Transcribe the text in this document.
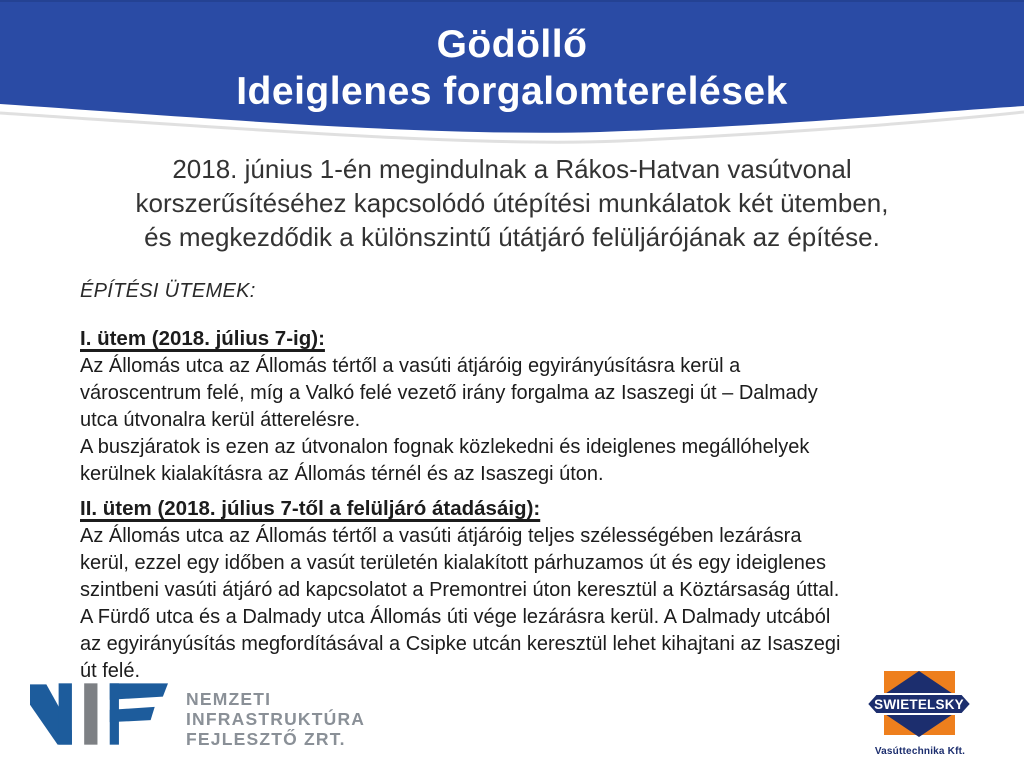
Gödöllő
Ideiglenes forgalomterelések
2018. június 1-én megindulnak a Rákos-Hatvan vasútvonal
korszerűsítéséhez kapcsolódó útépítési munkálatok két ütemben,
és megkezdődik a különszintű útátjáró felüljárójának az építése.
ÉPÍTÉSI ÜTEMEK:
I. ütem (2018. július 7-ig):
Az Állomás utca az Állomás tértől a vasúti átjáróig egyirányúsításra kerül a
városcentrum felé, míg a Valkó felé vezető irány forgalma az Isaszegi út – Dalmady
utca útvonalra kerül átterelésre.
A buszjáratok is ezen az útvonalon fognak közlekedni és ideiglenes megállóhelyek
kerülnek kialakításra az Állomás térnél és az Isaszegi úton.
II. ütem (2018. július 7-től a felüljáró átadásáig):
Az Állomás utca az Állomás tértől a vasúti átjáróig teljes szélességében lezárásra
kerül, ezzel egy időben a vasút területén kialakított párhuzamos út és egy ideiglenes
szintbeni vasúti átjáró ad kapcsolatot a Premontrei úton keresztül a Köztársaság úttal.
A Fürdő utca és a Dalmady utca Állomás úti vége lezárásra kerül. A Dalmady utcából
az egyirányúsítás megfordításával a Csipke utcán keresztül lehet kihajtani az Isaszegi
út felé.
NEMZETI
INFRASTRUKTÚRA
FEJLESZTŐ ZRT.
SWIETELSKY
Vasúttechnika Kft.
